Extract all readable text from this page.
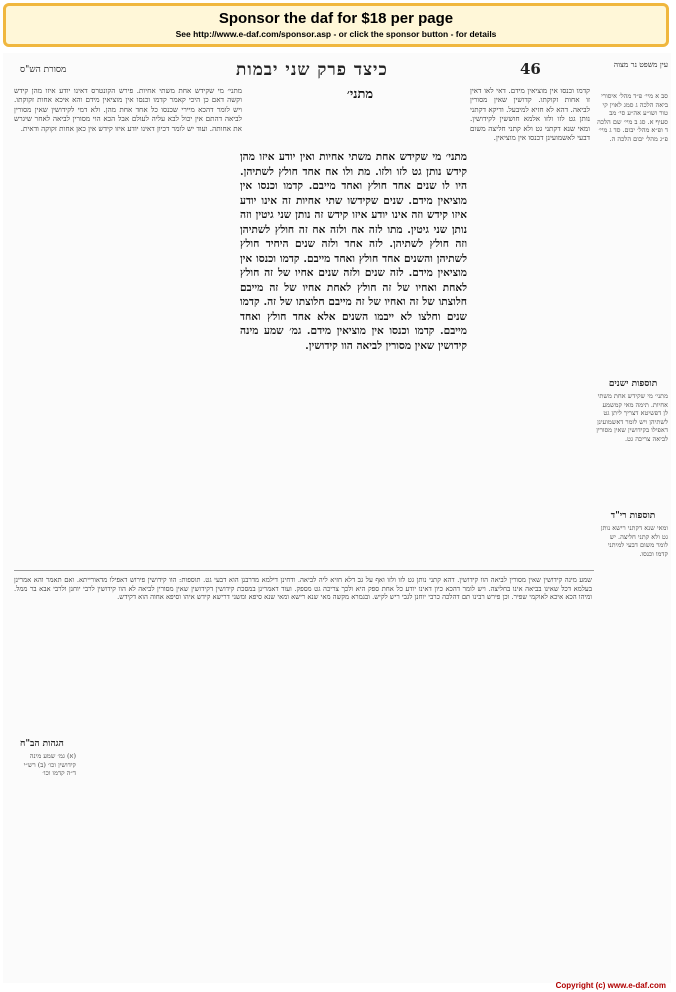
Sponsor the daf for $18 per page
See http://www.e-daf.com/sponsor.asp - or click the sponsor button - for details
מסורת הש"ס	כיצד פרק שני יבמות	46	עין משפט נר מצוה
סב א מיי׳ פ״ד מהל׳ איסורי ביאה הלכה ג סמג לאוין קי טור ושו״ע אה״ע סי׳ מב סעיף א. סג ב מיי׳ שם הלכה ד ופ״א מהל׳ יבום. סד ג מיי׳ פ״ג מהל׳ יבום הלכה ה.
מתני׳
מתני׳ מי שקידש אחת משתי אחיות. פירש הקונטרס דאינו יודע איזו מהן קידש וקשה דאם כן היכי קאמר קדמו וכנסו אין מוציאין מידם והא איכא אחות זקוקתו. ויש לומר דהכא מיירי שכנסו כל אחד אחת מהן. ולא דמי לקידושין שאין מסורין לביאה דהתם אין יכול לבא עליה לעולם אבל הכא הוי מסורין לביאה לאחר שיגרש את אחותה. ועוד יש לומר דכיון דאינו יודע איזו קידש אין כאן אחות זקוקה ודאית.
מתני׳ מי שקידש אחת משתי אחיות ואין יודע איזו מהן קידש נותן גט לזו ולזו. מת ולו אח אחד חולץ לשתיהן. היו לו שנים אחד חולץ ואחד מייבם. קדמו וכנסו אין מוציאין מידם. שנים שקידשו שתי אחיות זה אינו יודע איזו קידש וזה אינו יודע איזו קידש זה נותן שני גיטין וזה נותן שני גיטין. מתו לזה אח ולזה אח זה חולץ לשתיהן וזה חולץ לשתיהן. לזה אחד ולזה שנים היחיד חולץ לשתיהן והשנים אחד חולץ ואחד מייבם. קדמו וכנסו אין מוציאין מידם. לזה שנים ולזה שנים אחיו של זה חולץ לאחת ואחיו של זה חולץ לאחת אחיו של זה מייבם חלוצתו של זה ואחיו של זה מייבם חלוצתו של זה. קדמו שנים וחלצו לא ייבמו השנים אלא אחד חולץ ואחד מייבם. קדמו וכנסו אין מוציאין מידם. גמ׳ שמע מינה קידושין שאין מסורין לביאה הוו קידושין.
קדמו וכנסו אין מוציאין מידם. דאי לאו דאין זו אחות זקוקתו. קדושין שאין מסורין לביאה. דהא לא חזיא למיבעל. ודיקא דקתני נותן גט לזו ולזו אלמא חוששין לקידושין. ומאי שנא דקתני גט ולא קתני חליצה משום דבעי לאשמועינן דכנסו אין מוציאין.
תוספות ישנים
מתני׳ מי שקידש אחת משתי אחיות. תימה מאי קמשמע לן דפשיטא דצריך ליתן גט לשתיהן ויש לומר דאשמועינן דאפילו בקידושין שאין מסורין לביאה צריכה גט.
תוספות רי"ד
ומאי שנא דקתני רישא נותן גט ולא קתני חליצה. יש לומר משום דבעי למיתני קדמו וכנסו.
שמע מינה קידושין שאין מסורין לביאה הוו קידושין. דהא קתני נותן גט לזו ולזו ואף על גב דלא חזיא ליה לביאה. ודחינן דילמא מדרבנן הוא דבעי גט. תוספות: הוו קידושין פירוש דאפילו מדאורייתא. ואם תאמר והא אמרינן בעלמא דכל שאינו בביאה אינו בחליצה. ויש לומר דהכא כיון דאינו יודע כל אחת ספק היא ולכך צריכה גט מספק. ועוד דאמרינן במסכת קידושין דקידושין שאין מסורין לביאה לא הוו קידושין לרבי יוחנן ולרבי אבא בר ממל. ומיהו הכא איכא לאוקמי שפיר. וכן פירש רבינו תם דהלכה כרבי יוחנן לגבי ריש לקיש. ובגמרא מקשה מאי שנא רישא ומאי שנא סיפא ומשני דרישא קידש איהו וסיפא אחוה הוא דקידש.
הגהות הב"ח
(א) גמ׳ שמע מינה קידושין וכו׳ (ב) רש״י ד״ה קדמו וכו׳
Copyright (c) www.e-daf.com
